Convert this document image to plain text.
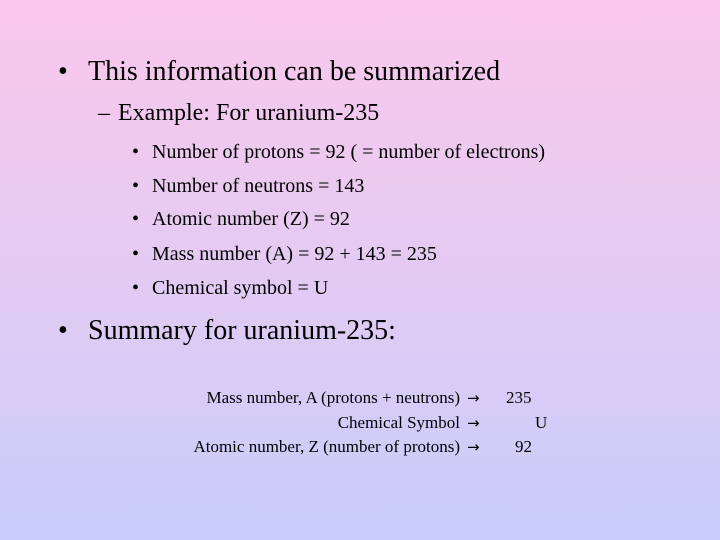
• This information can be summarized
– Example: For uranium-235
• Number of protons = 92 ( = number of electrons)
• Number of neutrons = 143
• Atomic number (Z) = 92
• Mass number (A) = 92 + 143 = 235
• Chemical symbol = U
• Summary for uranium-235:
Mass number, A (protons + neutrons) → 235
Chemical Symbol →	U
Atomic number, Z (number of protons) → 92
